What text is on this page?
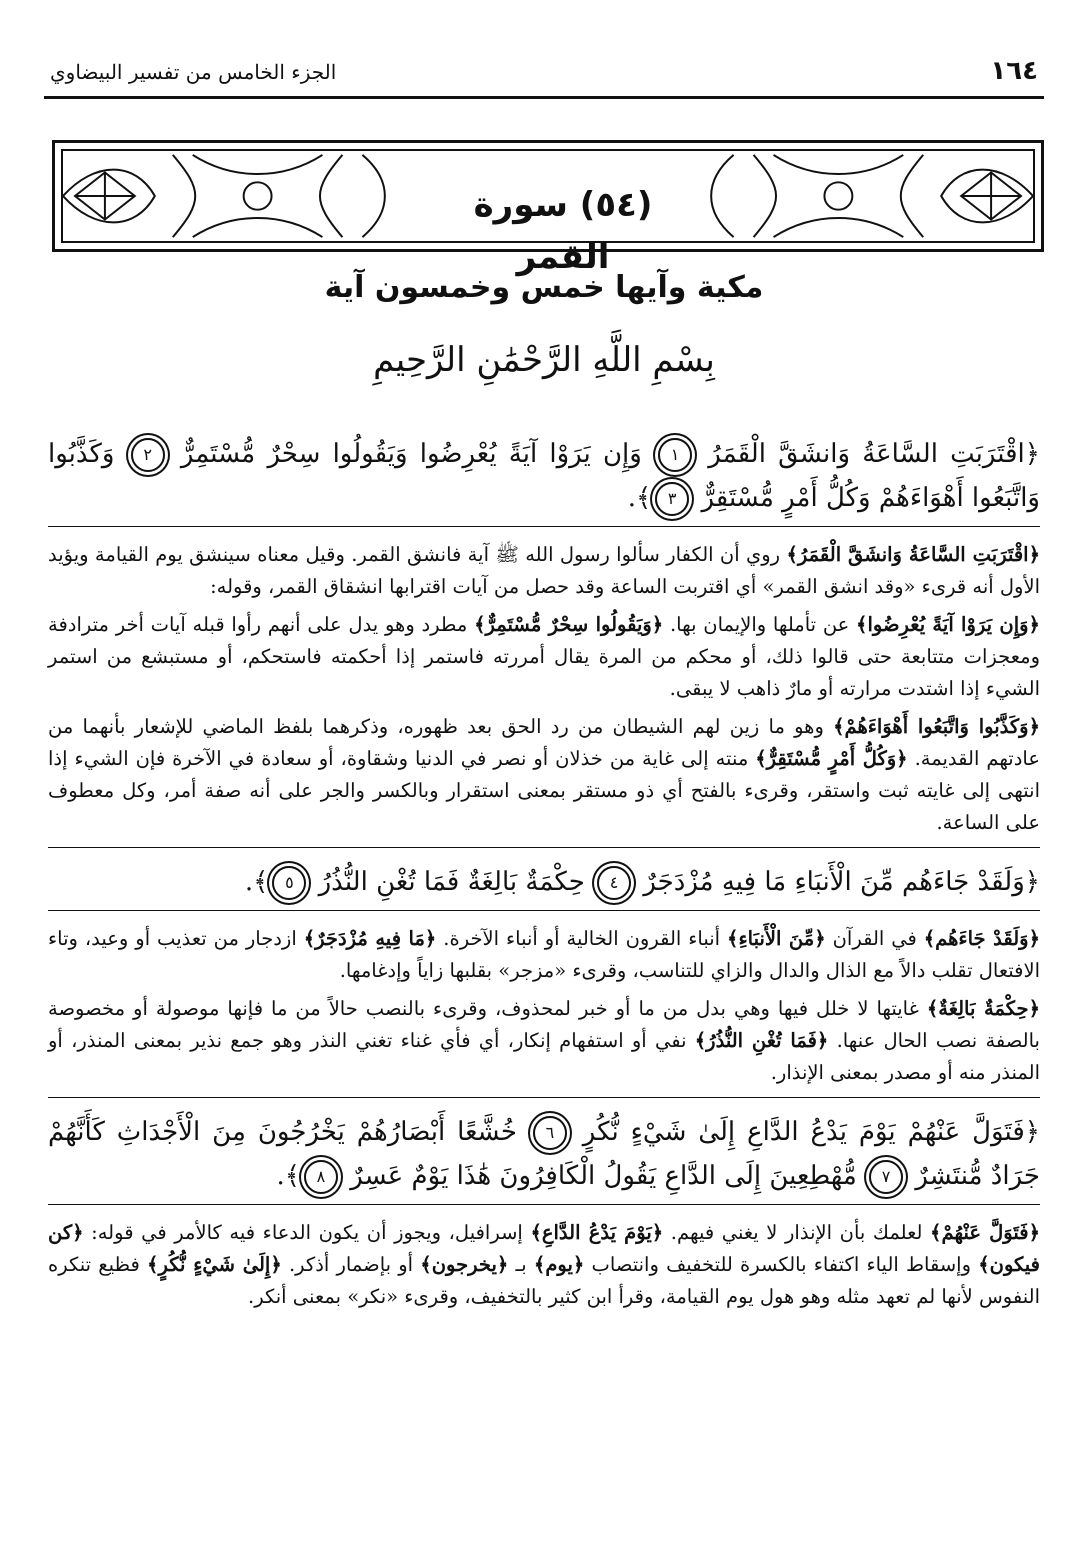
١٦٤
الجزء الخامس من تفسير البيضاوي
(٥٤) سورة القمر
مكية وآيها خمس وخمسون آية
بِسْمِ اللَّهِ الرَّحْمَٰنِ الرَّحِيمِ

﴿اقْتَرَبَتِ السَّاعَةُ وَانشَقَّ الْقَمَرُ ١ وَإِن يَرَوْا آيَةً يُعْرِضُوا وَيَقُولُوا سِحْرٌ مُّسْتَمِرٌّ ٢ وَكَذَّبُوا وَاتَّبَعُوا أَهْوَاءَهُمْ وَكُلُّ أَمْرٍ مُّسْتَقِرٌّ ٣﴾.

﴿اقْتَرَبَتِ السَّاعَةُ وَانشَقَّ الْقَمَرُ﴾ روي أن الكفار سألوا رسول الله ﷺ آية فانشق القمر. وقيل معناه سينشق يوم القيامة ويؤيد الأول أنه قرىء «وقد انشق القمر» أي اقتربت الساعة وقد حصل من آيات اقترابها انشقاق القمر، وقوله:

﴿وَإِن يَرَوْا آيَةً يُعْرِضُوا﴾ عن تأملها والإيمان بها. ﴿وَيَقُولُوا سِحْرٌ مُّسْتَمِرٌّ﴾ مطرد وهو يدل على أنهم رأوا قبله آيات أخر مترادفة ومعجزات متتابعة حتى قالوا ذلك، أو محكم من المرة يقال أمررته فاستمر إذا أحكمته فاستحكم، أو مستبشع من استمر الشيء إذا اشتدت مرارته أو مارٌ ذاهب لا يبقى.

﴿وَكَذَّبُوا وَاتَّبَعُوا أَهْوَاءَهُمْ﴾ وهو ما زين لهم الشيطان من رد الحق بعد ظهوره، وذكرهما بلفظ الماضي للإشعار بأنهما من عادتهم القديمة. ﴿وَكُلُّ أَمْرٍ مُّسْتَقِرٌّ﴾ منته إلى غاية من خذلان أو نصر في الدنيا وشقاوة، أو سعادة في الآخرة فإن الشيء إذا انتهى إلى غايته ثبت واستقر، وقرىء بالفتح أي ذو مستقر بمعنى استقرار وبالكسر والجر على أنه صفة أمر، وكل معطوف على الساعة.

﴿وَلَقَدْ جَاءَهُم مِّنَ الْأَنبَاءِ مَا فِيهِ مُزْدَجَرٌ ٤ حِكْمَةٌ بَالِغَةٌ فَمَا تُغْنِ النُّذُرُ ٥﴾.

﴿وَلَقَدْ جَاءَهُم﴾ في القرآن ﴿مِّنَ الْأَنبَاءِ﴾ أنباء القرون الخالية أو أنباء الآخرة. ﴿مَا فِيهِ مُزْدَجَرٌ﴾ ازدجار من تعذيب أو وعيد، وتاء الافتعال تقلب دالاً مع الذال والدال والزاي للتناسب، وقرىء «مزجر» بقلبها زاياً وإدغامها.

﴿حِكْمَةٌ بَالِغَةٌ﴾ غايتها لا خلل فيها وهي بدل من ما أو خبر لمحذوف، وقرىء بالنصب حالاً من ما فإنها موصولة أو مخصوصة بالصفة نصب الحال عنها. ﴿فَمَا تُغْنِ النُّذُرُ﴾ نفي أو استفهام إنكار، أي فأي غناء تغني النذر وهو جمع نذير بمعنى المنذر، أو المنذر منه أو مصدر بمعنى الإنذار.

﴿فَتَوَلَّ عَنْهُمْ يَوْمَ يَدْعُ الدَّاعِ إِلَىٰ شَيْءٍ نُّكُرٍ ٦ خُشَّعًا أَبْصَارُهُمْ يَخْرُجُونَ مِنَ الْأَجْدَاثِ كَأَنَّهُمْ جَرَادٌ مُّنتَشِرٌ ٧ مُّهْطِعِينَ إِلَى الدَّاعِ يَقُولُ الْكَافِرُونَ هَٰذَا يَوْمٌ عَسِرٌ ٨﴾.

﴿فَتَوَلَّ عَنْهُمْ﴾ لعلمك بأن الإنذار لا يغني فيهم. ﴿يَوْمَ يَدْعُ الدَّاعِ﴾ إسرافيل، ويجوز أن يكون الدعاء فيه كالأمر في قوله: ﴿كن فيكون﴾ وإسقاط الياء اكتفاء بالكسرة للتخفيف وانتصاب ﴿يوم﴾ بـ ﴿يخرجون﴾ أو بإضمار أذكر. ﴿إِلَىٰ شَيْءٍ نُّكُرٍ﴾ فظيع تنكره النفوس لأنها لم تعهد مثله وهو هول يوم القيامة، وقرأ ابن كثير بالتخفيف، وقرىء «نكر» بمعنى أنكر.
